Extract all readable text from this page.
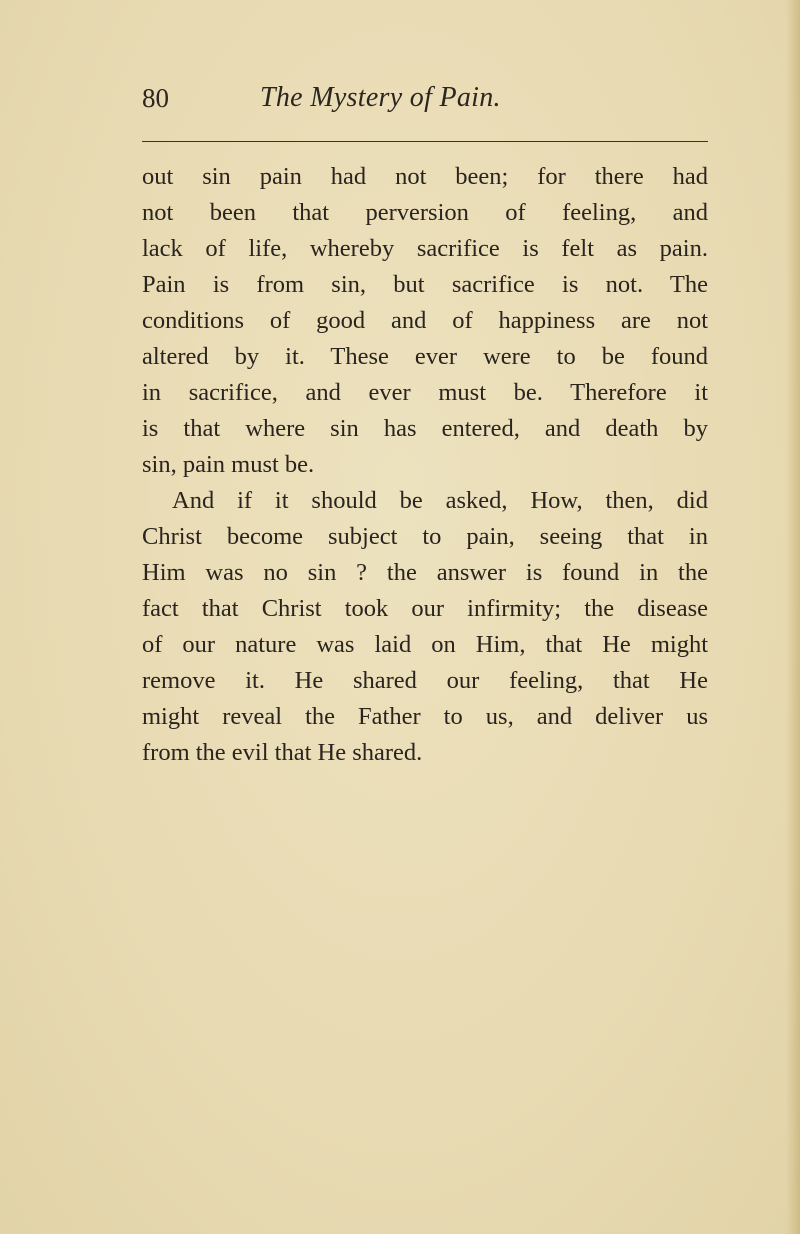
80	The Mystery of Pain.
out sin pain had not been; for there had
not been that perversion of feeling, and
lack of life, whereby sacrifice is felt as pain.
Pain is from sin, but sacrifice is not. The
conditions of good and of happiness are not
altered by it. These ever were to be found
in sacrifice, and ever must be. Therefore it
is that where sin has entered, and death by
sin, pain must be.
And if it should be asked, How, then, did
Christ become subject to pain, seeing that in
Him was no sin ? the answer is found in the
fact that Christ took our infirmity; the disease
of our nature was laid on Him, that He might
remove it. He shared our feeling, that He
might reveal the Father to us, and deliver us
from the evil that He shared.
